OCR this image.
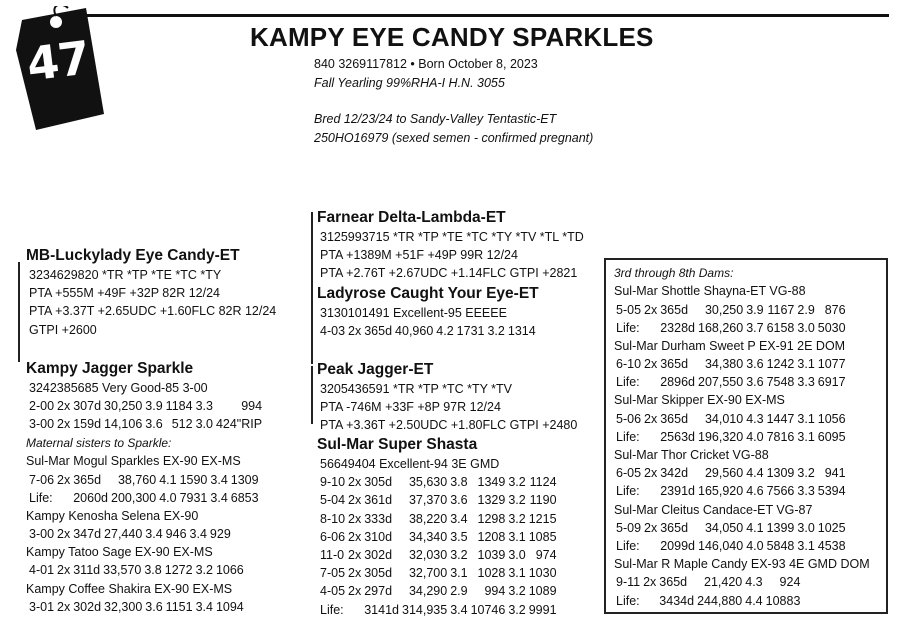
47	KAMPY EYE CANDY SPARKLES
840 3269117812 • Born October 8, 2023
Fall Yearling 99%RHA-I H.N. 3055
Bred 12/23/24 to Sandy-Valley Tentastic-ET
250HO16979 (sexed semen - confirmed pregnant)
MB-Luckylady Eye Candy-ET
3234629820 *TR *TP *TE *TC *TY
PTA +555M +49F +32P 82R 12/24
PTA +3.37T +2.65UDC +1.60FLC 82R 12/24
GTPI +2600
Farnear Delta-Lambda-ET
3125993715 *TR *TP *TE *TC *TY *TV *TL *TD
PTA +1389M +51F +49P 99R 12/24
PTA +2.76T +2.67UDC +1.14FLC GTPI +2821
Ladyrose Caught Your Eye-ET
3130101491 Excellent-95 EEEEE
4-03	2x	365d	40,960	4.2	1731	3.2	1314
Kampy Jagger Sparkle
3242385685 Very Good-85 3-00
2-00	2x	307d	30,250	3.9	1184	3.3	994
3-00	2x	159d	14,106	3.6	512	3.0	424"RIP
Maternal sisters to Sparkle:
Sul-Mar Mogul Sparkles EX-90 EX-MS
7-06	2x	365d	38,760	4.1	1590	3.4	1309
Life:		2060d	200,300	4.0	7931	3.4	6853
Kampy Kenosha Selena EX-90
3-00	2x	347d	27,440	3.4	946	3.4	929
Kampy Tatoo Sage EX-90 EX-MS
4-01	2x	311d	33,570	3.8	1272	3.2	1066
Kampy Coffee Shakira EX-90 EX-MS
3-01	2x	302d	32,300	3.6	1151	3.4	1094
Peak Jagger-ET
3205436591 *TR *TP *TC *TY *TV
PTA -746M +33F +8P 97R 12/24
PTA +3.36T +2.50UDC +1.80FLC GTPI +2480
Sul-Mar Super Shasta
56649404 Excellent-94 3E GMD
9-10	2x	305d	35,630	3.8	1349	3.2	1124
5-04	2x	361d	37,370	3.6	1329	3.2	1190
8-10	2x	333d	38,220	3.4	1298	3.2	1215
6-06	2x	310d	34,340	3.5	1208	3.1	1085
11-0	2x	302d	32,030	3.2	1039	3.0	974
7-05	2x	305d	32,700	3.1	1028	3.1	1030
4-05	2x	297d	34,290	2.9	994	3.2	1089
Life:		3141d	314,935	3.4	10746	3.2	9991
3rd through 8th Dams:
Sul-Mar Shottle Shayna-ET VG-88
5-05	2x	365d	30,250	3.9	1167	2.9	876
Life:		2328d	168,260	3.7	6158	3.0	5030
Sul-Mar Durham Sweet P EX-91 2E DOM
6-10	2x	365d	34,380	3.6	1242	3.1	1077
Life:		2896d	207,550	3.6	7548	3.3	6917
Sul-Mar Skipper EX-90 EX-MS
5-06	2x	365d	34,010	4.3	1447	3.1	1056
Life:		2563d	196,320	4.0	7816	3.1	6095
Sul-Mar Thor Cricket VG-88
6-05	2x	342d	29,560	4.4	1309	3.2	941
Life:		2391d	165,920	4.6	7566	3.3	5394
Sul-Mar Cleitus Candace-ET VG-87
5-09	2x	365d	34,050	4.1	1399	3.0	1025
Life:		2099d	146,040	4.0	5848	3.1	4538
Sul-Mar R Maple Candy EX-93 4E GMD DOM
9-11	2x	365d	21,420	4.3	924
Life:		3434d	244,880	4.4	10883
